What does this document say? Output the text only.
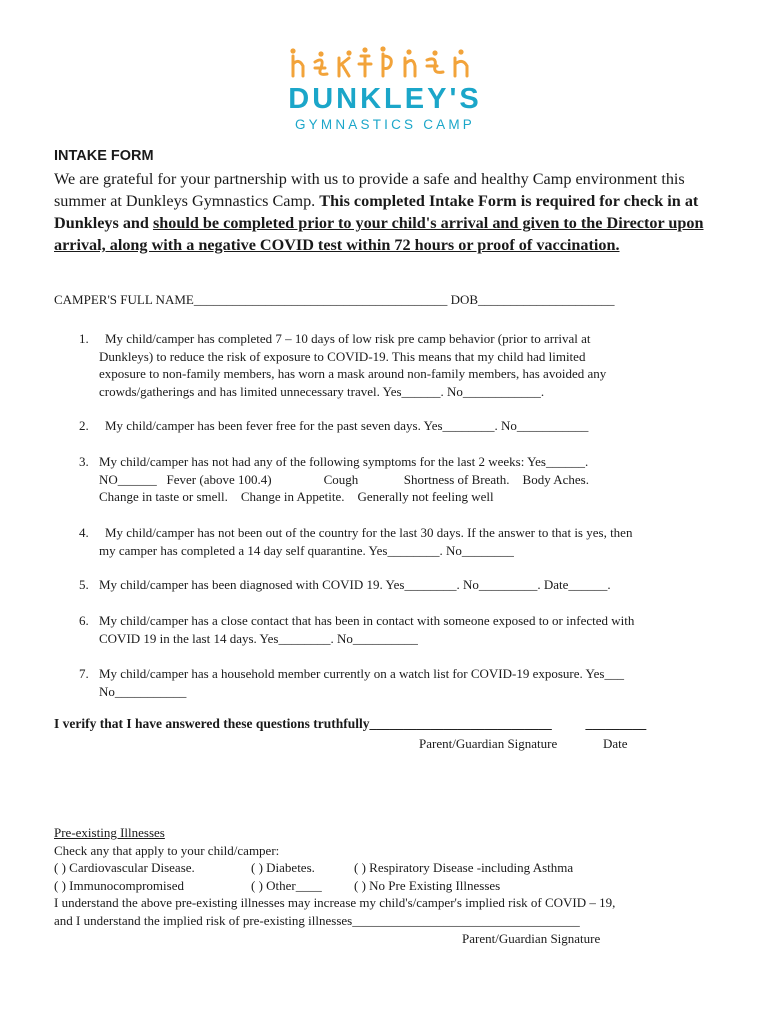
DUNKLEY'S
GYMNASTICS CAMP
INTAKE FORM
We are grateful for your partnership with us to provide a safe and healthy Camp environment this summer at Dunkleys Gymnastics Camp. This completed Intake Form is required for check in at Dunkleys and should be completed prior to your child's arrival and given to the Director upon arrival, along with a negative COVID test within 72 hours or proof of vaccination.
CAMPER'S FULL NAME_______________________________________ DOB_____________________
1. My child/camper has completed 7 – 10 days of low risk pre camp behavior (prior to arrival at

Dunkleys) to reduce the risk of exposure to COVID-19. This means that my child had limited

exposure to non-family members, has worn a mask around non-family members, has avoided any

crowds/gatherings and has limited unnecessary travel. Yes______. No____________.

2. My child/camper has been fever free for the past seven days. Yes________. No___________

3. My child/camper has not had any of the following symptoms for the last 2 weeks: Yes______.

NO______   Fever (above 100.4)                Cough              Shortness of Breath.    Body Aches.

Change in taste or smell.    Change in Appetite.    Generally not feeling well

4. My child/camper has not been out of the country for the last 30 days. If the answer to that is yes, then

my camper has completed a 14 day self quarantine. Yes________. No________

5. My child/camper has been diagnosed with COVID 19. Yes________. No_________. Date______.

6. My child/camper has a close contact that has been in contact with someone exposed to or infected with

COVID 19 in the last 14 days. Yes________. No__________

7. My child/camper has a household member currently on a watch list for COVID-19 exposure. Yes___

No___________

I verify that I have answered these questions truthfully___________________________          _________
Parent/Guardian Signature	Date

Pre-existing Illnesses

Check any that apply to your child/camper:

( ) Cardiovascular Disease.	( ) Diabetes.	( ) Respiratory Disease -including Asthma

( ) Immunocompromised	( ) Other____ ( ) No Pre Existing Illnesses

I understand the above pre-existing illnesses may increase my child's/camper's implied risk of COVID – 19,

and I understand the implied risk of pre-existing illnesses___________________________________

Parent/Guardian Signature
